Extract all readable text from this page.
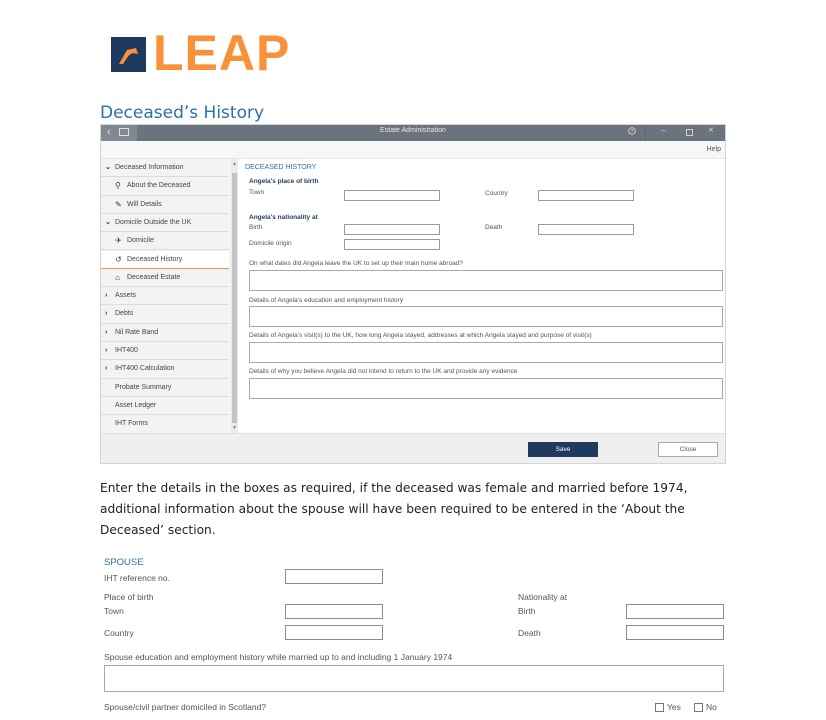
LEAP
Deceased’s History
‹	Estate Administration	?	–	×
Help
⌄ Deceased Information
⚲ About the Deceased
✎ Will Details
⌄ Domicile Outside the UK
✈ Domicile
↺ Deceased History
⌂ Deceased Estate
› Assets
› Debts
› Nil Rate Band
› IHT400
› IHT400 Calculation
Probate Summary
Asset Ledger
IHT Forms
▲
▼
DECEASED HISTORY
Angela's place of birth
Town	Country
Angela's nationality at
Birth	Death
Domicile origin
On what dates did Angela leave the UK to set up their main home abroad?
Details of Angela's education and employment history
Details of Angela's visit(s) to the UK, how long Angela stayed, addresses at which Angela stayed and purpose of visit(s)
Details of why you believe Angela did not intend to return to the UK and provide any evidence
Save	Close
Enter the details in the boxes as required, if the deceased was female and married before 1974, additional information about the spouse will have been required to be entered in the ‘About the Deceased’ section.
SPOUSE
IHT reference no.
Place of birth
Town
Country
Nationality at
Birth
Death
Spouse education and employment history while married up to and including 1 January 1974
Spouse/civil partner domiciled in Scotland?	Yes	No
